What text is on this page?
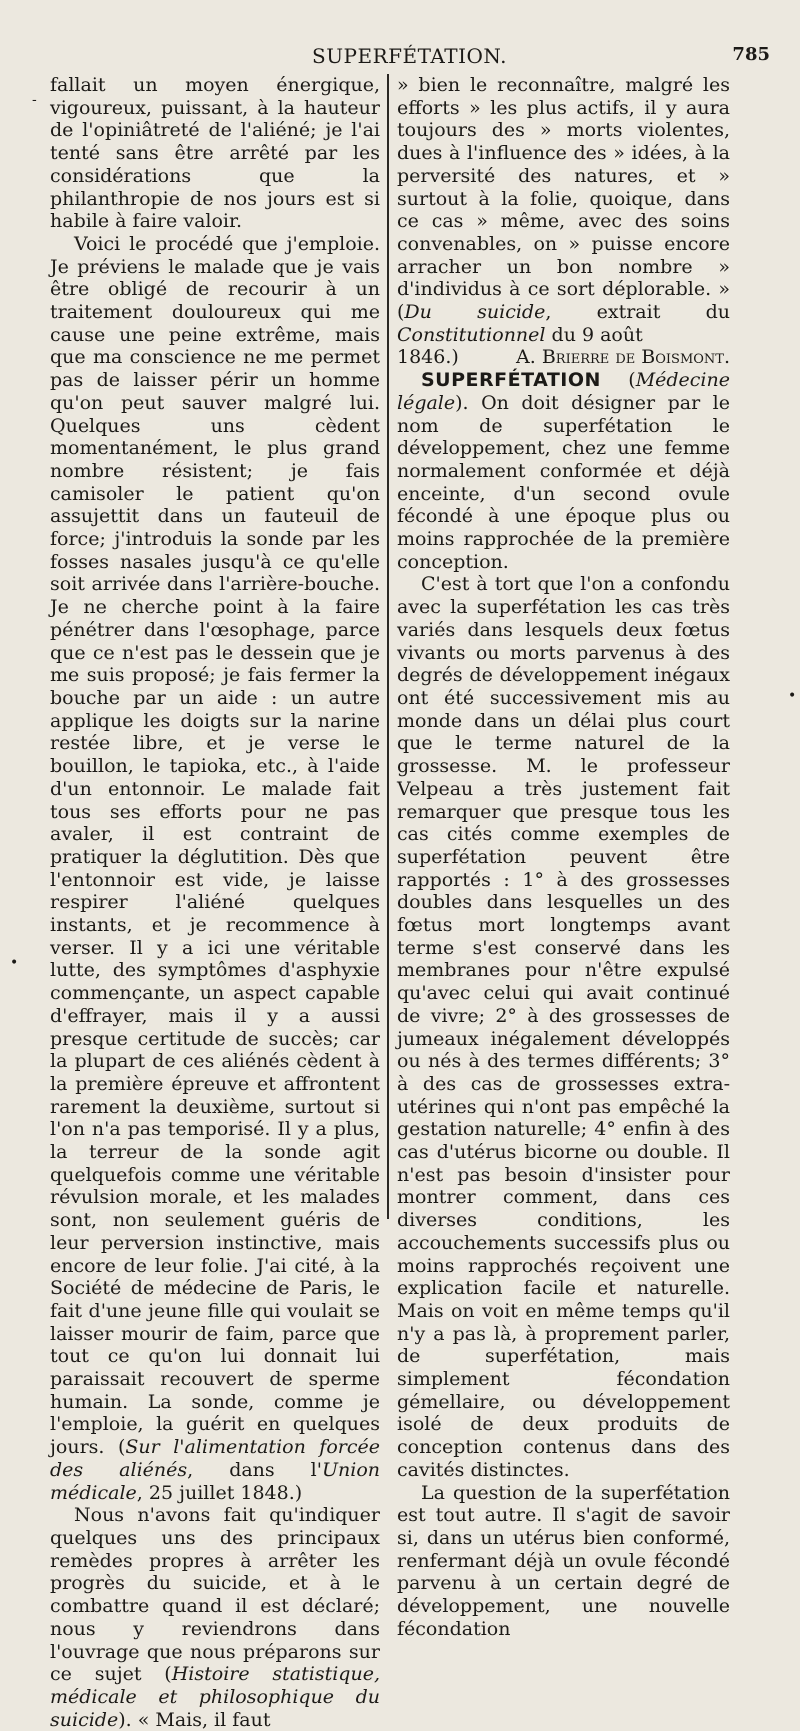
SUPERFÉTATION.	785

fallait un moyen énergique, vigoureux, puissant, à la hauteur de l'opiniâtreté de l'aliéné; je l'ai tenté sans être arrêté par les considérations que la philanthropie de nos jours est si habile à faire valoir.

Voici le procédé que j'emploie. Je préviens le malade que je vais être obligé de recourir à un traitement douloureux qui me cause une peine extrême, mais que ma conscience ne me permet pas de laisser périr un homme qu'on peut sauver malgré lui. Quelques uns cèdent momentanément, le plus grand nombre résistent; je fais camisoler le patient qu'on assujettit dans un fauteuil de force; j'introduis la sonde par les fosses nasales jusqu'à ce qu'elle soit arrivée dans l'arrière-bouche. Je ne cherche point à la faire pénétrer dans l'œsophage, parce que ce n'est pas le dessein que je me suis proposé; je fais fermer la bouche par un aide : un autre applique les doigts sur la narine restée libre, et je verse le bouillon, le tapioka, etc., à l'aide d'un entonnoir. Le malade fait tous ses efforts pour ne pas avaler, il est contraint de pratiquer la déglutition. Dès que l'entonnoir est vide, je laisse respirer l'aliéné quelques instants, et je recommence à verser. Il y a ici une véritable lutte, des symptômes d'asphyxie commençante, un aspect capable d'effrayer, mais il y a aussi presque certitude de succès; car la plupart de ces aliénés cèdent à la première épreuve et affrontent rarement la deuxième, surtout si l'on n'a pas temporisé. Il y a plus, la terreur de la sonde agit quelquefois comme une véritable révulsion morale, et les malades sont, non seulement guéris de leur perversion instinctive, mais encore de leur folie. J'ai cité, à la Société de médecine de Paris, le fait d'une jeune fille qui voulait se laisser mourir de faim, parce que tout ce qu'on lui donnait lui paraissait recouvert de sperme humain. La sonde, comme je l'emploie, la guérit en quelques jours. (Sur l'alimentation forcée des aliénés, dans l'Union médicale, 25 juillet 1848.)

Nous n'avons fait qu'indiquer quelques uns des principaux remèdes propres à arrêter les progrès du suicide, et à le combattre quand il est déclaré; nous y reviendrons dans l'ouvrage que nous préparons sur ce sujet (Histoire statistique, médicale et philosophique du suicide). « Mais, il faut

» bien le reconnaître, malgré les efforts » les plus actifs, il y aura toujours des » morts violentes, dues à l'influence des » idées, à la perversité des natures, et » surtout à la folie, quoique, dans ce cas » même, avec des soins convenables, on » puisse encore arracher un bon nombre » d'individus à ce sort déplorable. » (Du suicide, extrait du Constitutionnel du 9 août

1846.)	A. Brierre de Boismont.

SUPERFÉTATION (Médecine légale). On doit désigner par le nom de superfétation le développement, chez une femme normalement conformée et déjà enceinte, d'un second ovule fécondé à une époque plus ou moins rapprochée de la première conception.

C'est à tort que l'on a confondu avec la superfétation les cas très variés dans lesquels deux fœtus vivants ou morts parvenus à des degrés de développement inégaux ont été successivement mis au monde dans un délai plus court que le terme naturel de la grossesse. M. le professeur Velpeau a très justement fait remarquer que presque tous les cas cités comme exemples de superfétation peuvent être rapportés : 1° à des grossesses doubles dans lesquelles un des fœtus mort longtemps avant terme s'est conservé dans les membranes pour n'être expulsé qu'avec celui qui avait continué de vivre; 2° à des grossesses de jumeaux inégalement développés ou nés à des termes différents; 3° à des cas de grossesses extra-utérines qui n'ont pas empêché la gestation naturelle; 4° enfin à des cas d'utérus bicorne ou double. Il n'est pas besoin d'insister pour montrer comment, dans ces diverses conditions, les accouchements successifs plus ou moins rapprochés reçoivent une explication facile et naturelle. Mais on voit en même temps qu'il n'y a pas là, à proprement parler, de superfétation, mais simplement fécondation gémellaire, ou développement isolé de deux produits de conception contenus dans des cavités distinctes.

La question de la superfétation est tout autre. Il s'agit de savoir si, dans un utérus bien conformé, renfermant déjà un ovule fécondé parvenu à un certain degré de développement, une nouvelle fécondation

-
•
•
